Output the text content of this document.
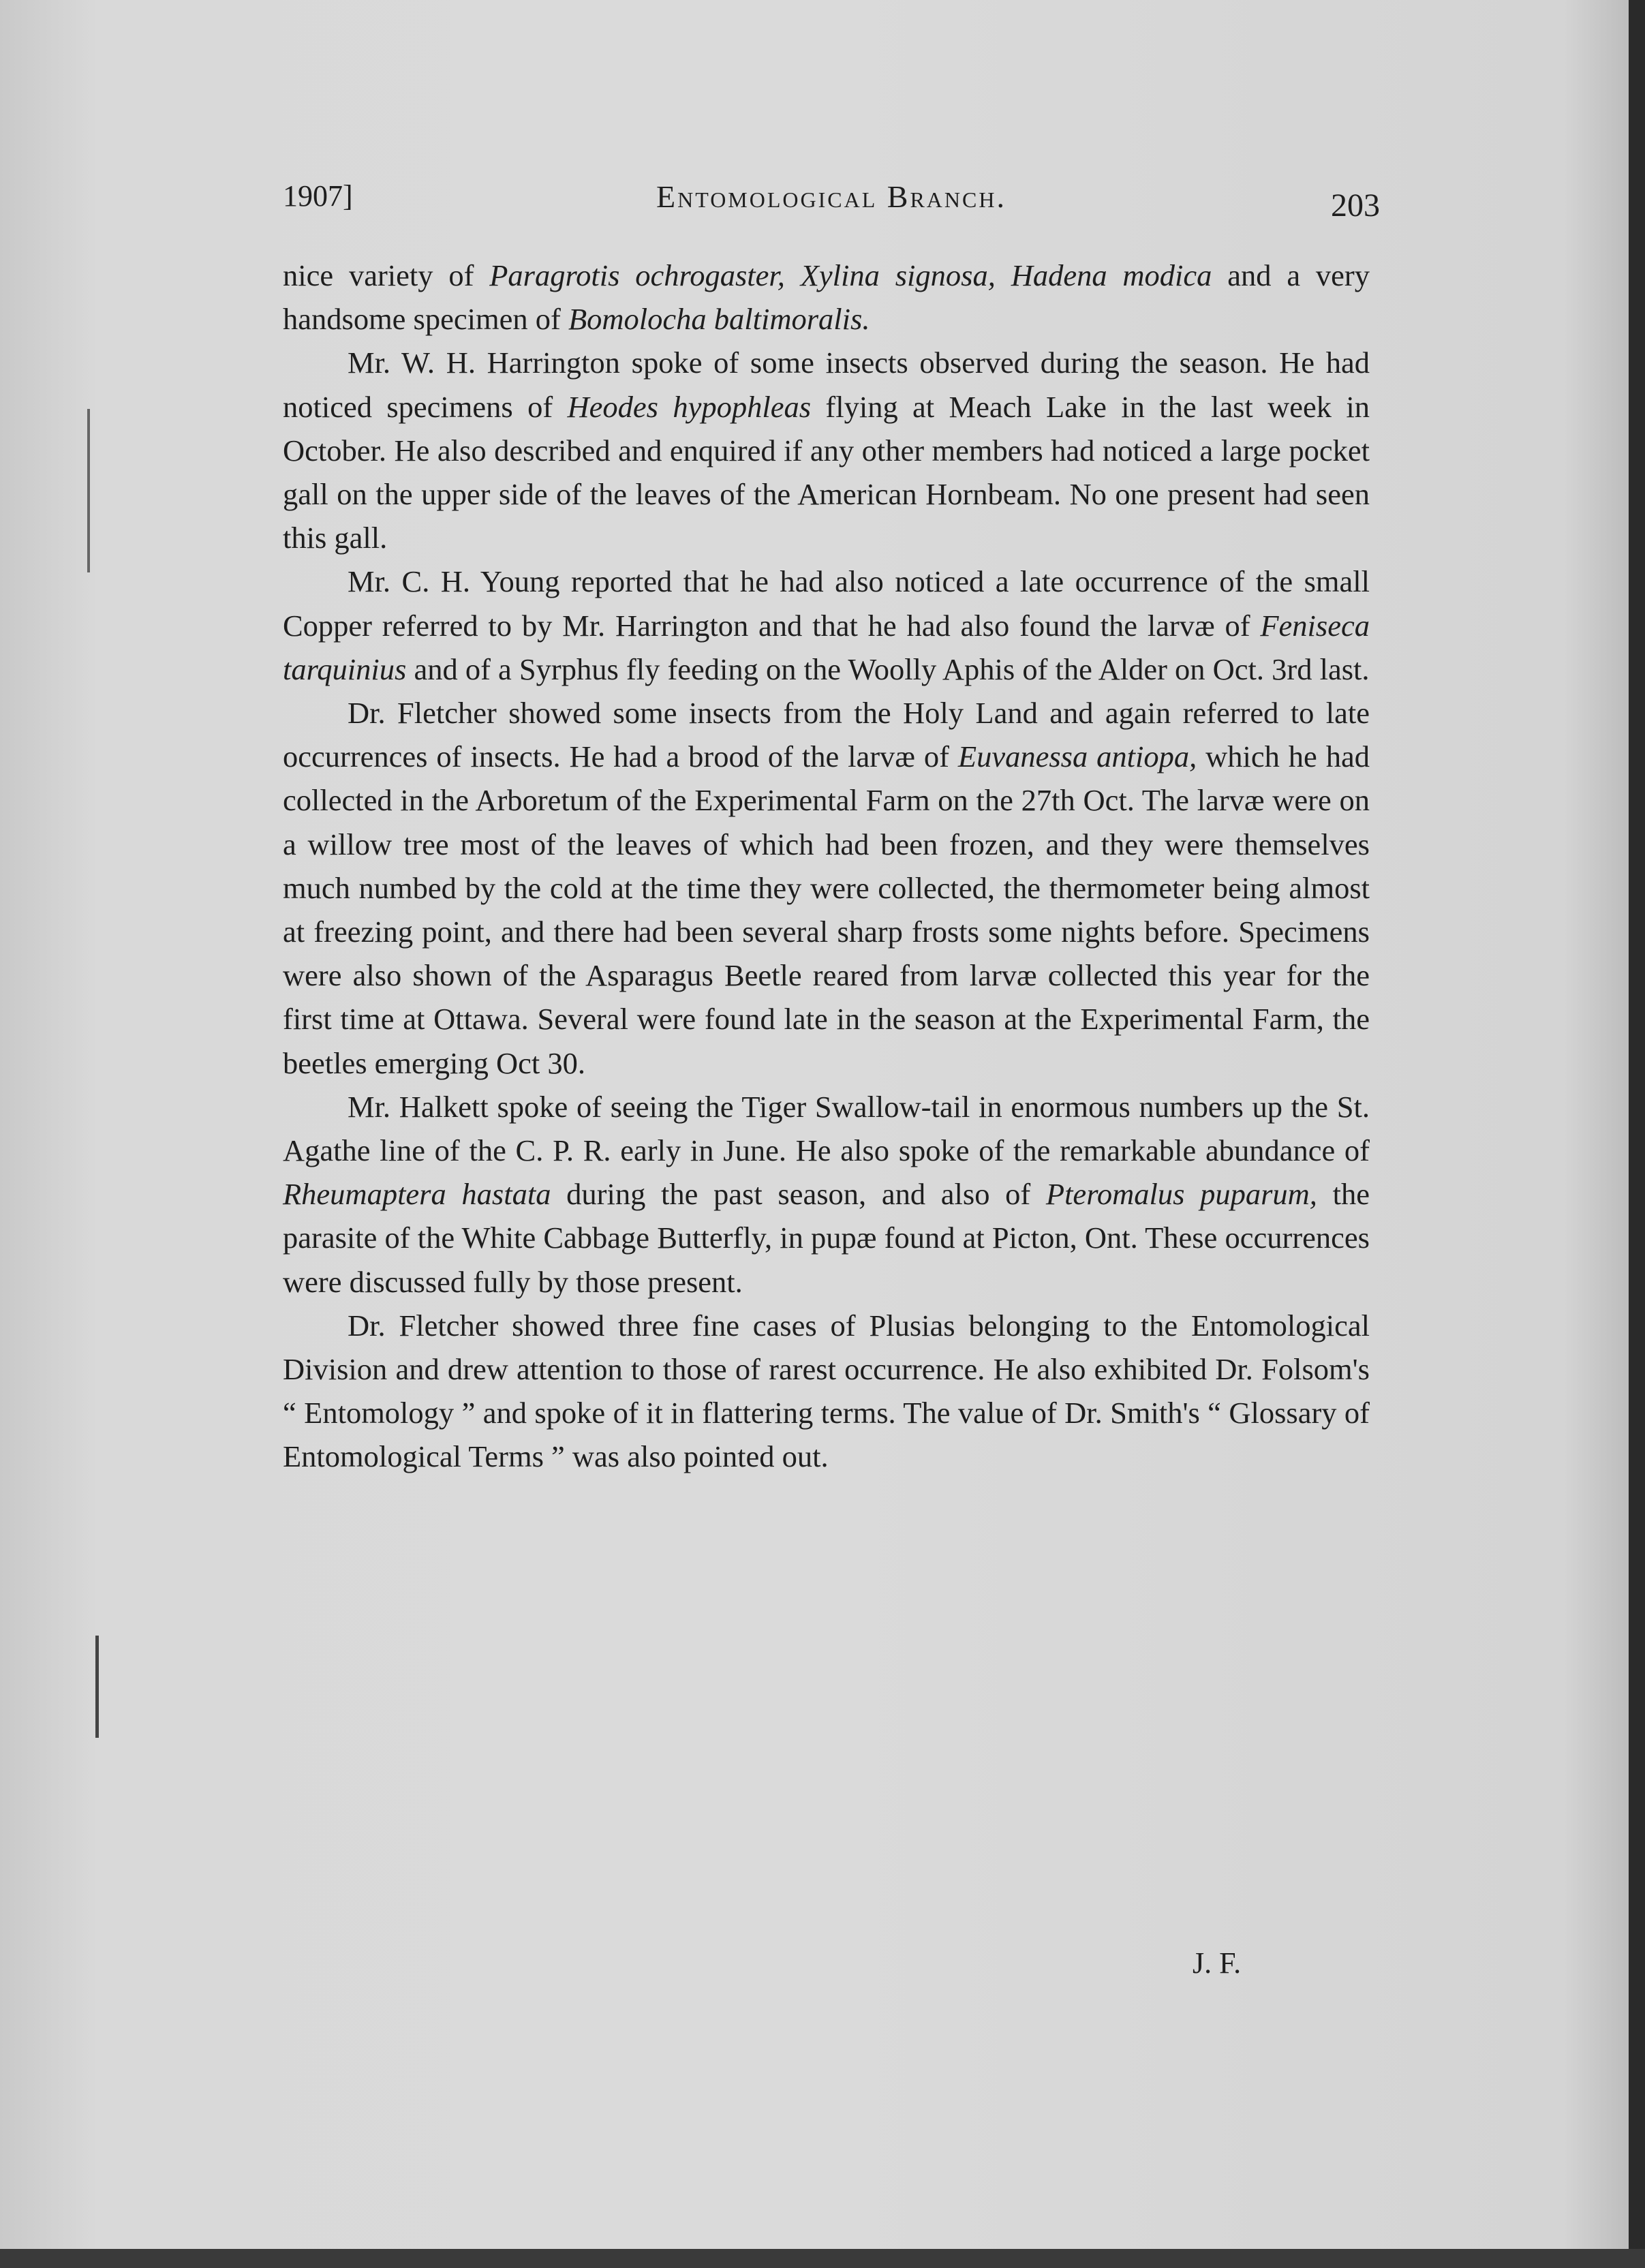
1907]	Entomological Branch.	203

nice variety of Paragrotis ochrogaster, Xylina signosa, Hadena modica and a very handsome specimen of Bomolocha baltimoralis.

Mr. W. H. Harrington spoke of some insects observed during the season. He had noticed specimens of Heodes hypophleas flying at Meach Lake in the last week in October. He also described and enquired if any other members had noticed a large pocket gall on the upper side of the leaves of the American Hornbeam. No one present had seen this gall.

Mr. C. H. Young reported that he had also noticed a late occurrence of the small Copper referred to by Mr. Harrington and that he had also found the larvæ of Feniseca tarquinius and of a Syrphus fly feeding on the Woolly Aphis of the Alder on Oct. 3rd last.

Dr. Fletcher showed some insects from the Holy Land and again referred to late occurrences of insects. He had a brood of the larvæ of Euvanessa antiopa, which he had collected in the Arboretum of the Experimental Farm on the 27th Oct. The larvæ were on a willow tree most of the leaves of which had been frozen, and they were themselves much numbed by the cold at the time they were collected, the thermometer being almost at freezing point, and there had been several sharp frosts some nights before. Specimens were also shown of the Asparagus Beetle reared from larvæ collected this year for the first time at Ottawa. Several were found late in the season at the Experimental Farm, the beetles emerging Oct 30.

Mr. Halkett spoke of seeing the Tiger Swallow-tail in enormous numbers up the St. Agathe line of the C. P. R. early in June. He also spoke of the remarkable abundance of Rheumaptera hastata during the past season, and also of Pteromalus puparum, the parasite of the White Cabbage Butterfly, in pupæ found at Picton, Ont. These occurrences were discussed fully by those present.

Dr. Fletcher showed three fine cases of Plusias belonging to the Entomological Division and drew attention to those of rarest occurrence. He also exhibited Dr. Folsom's “ Entomology ” and spoke of it in flattering terms. The value of Dr. Smith's “ Glossary of Entomological Terms ” was also pointed out.

J. F.
